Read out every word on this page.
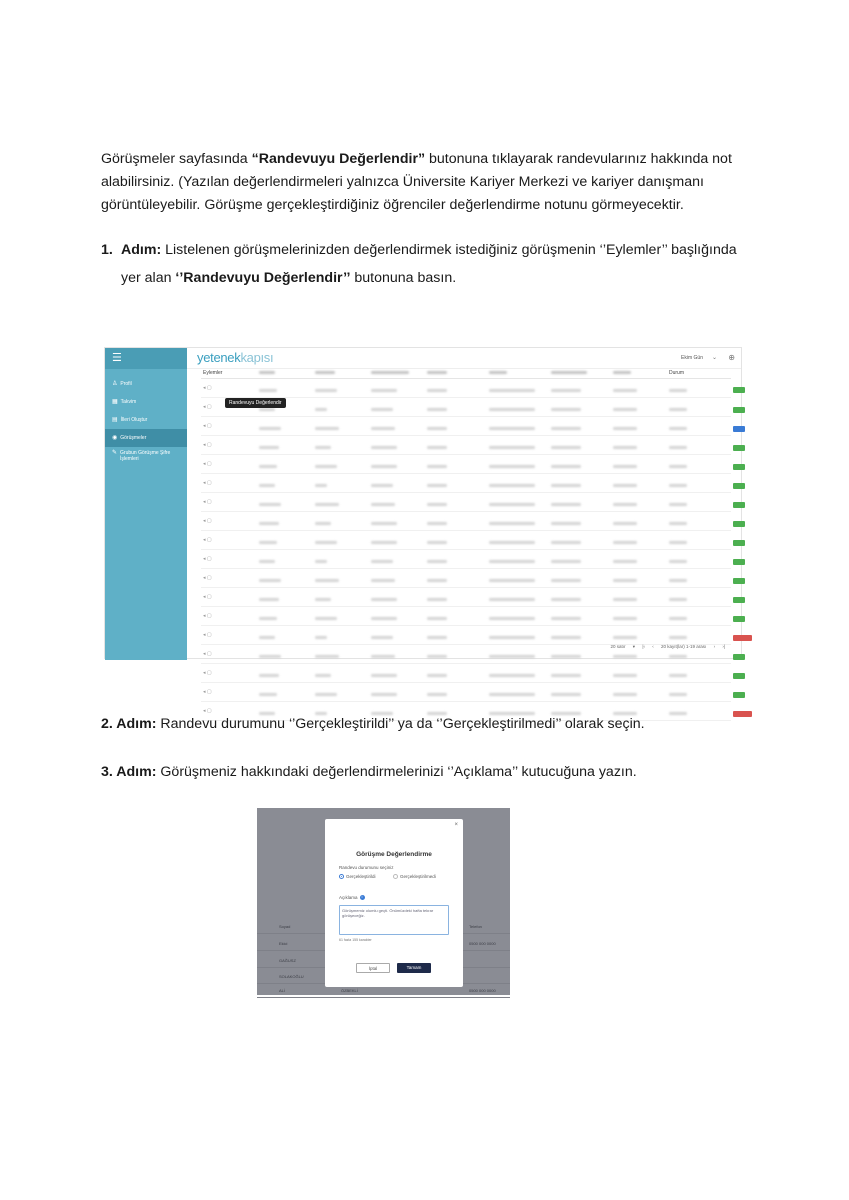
Görüşmeler sayfasında “Randevuyu Değerlendir” butonuna tıklayarak randevularınız hakkında not alabilirsiniz. (Yazılan değerlendirmeleri yalnızca Üniversite Kariyer Merkezi ve kariyer danışmanı görüntüleyebilir. Görüşme gerçekleştirdiğiniz öğrenciler değerlendirme notunu görmeyecektir.

1. Adım: Listelenen görüşmelerinizden değerlendirmek istediğiniz görüşmenin ‘’Eylemler’’ başlığında
yer alan ‘’Randevuyu Değerlendir’’ butonuna basın.

☰
♙ Profil
▦ Takvim
▤ İlleri Oluştur
◉ Görüşmeler
✎ Grubun Görüşme Şifre İşlemleri
yetenekkapısı	Ekim Gün ⌄ ⊕
Eylemler								Durum	
◂ ▢									
◂ ▢									
◂ ▢									
◂ ▢									
◂ ▢									
◂ ▢									
◂ ▢									
◂ ▢									
◂ ▢									
◂ ▢									
◂ ▢									
◂ ▢									
◂ ▢									
◂ ▢									
◂ ▢									
◂ ▢									
◂ ▢									
◂ ▢									
Randevuyu Değerlendir
20 satır ▾ |‹ ‹ 20 kayıt(lar) 1-19 arası › ›|

2. Adım: Randevu durumunu ‘’Gerçekleştirildi’’ ya da ‘’Gerçekleştirilmedi’’ olarak seçin.

3. Adım: Görüşmeniz hakkındaki değerlendirmelerinizi ‘’Açıklama’’ kutucuğuna yazın.

Soyad	Telefon
Ekici	0500 000 0000
GAĞUSZ
SOLAKOĞLU
ALİ	ÖZBEKLİ	0500 000 0000
×
Görüşme Değerlendirme
Randevu durumunu seçiniz
Gerçekleştirildi	Gerçekleştirilmedi
Açıklama i
Görüşmemiz olumlu geçti. Önümüzdeki hafta tekrar görüşeceğiz.
61 fazla 155 karakter
İptal	Tamam
